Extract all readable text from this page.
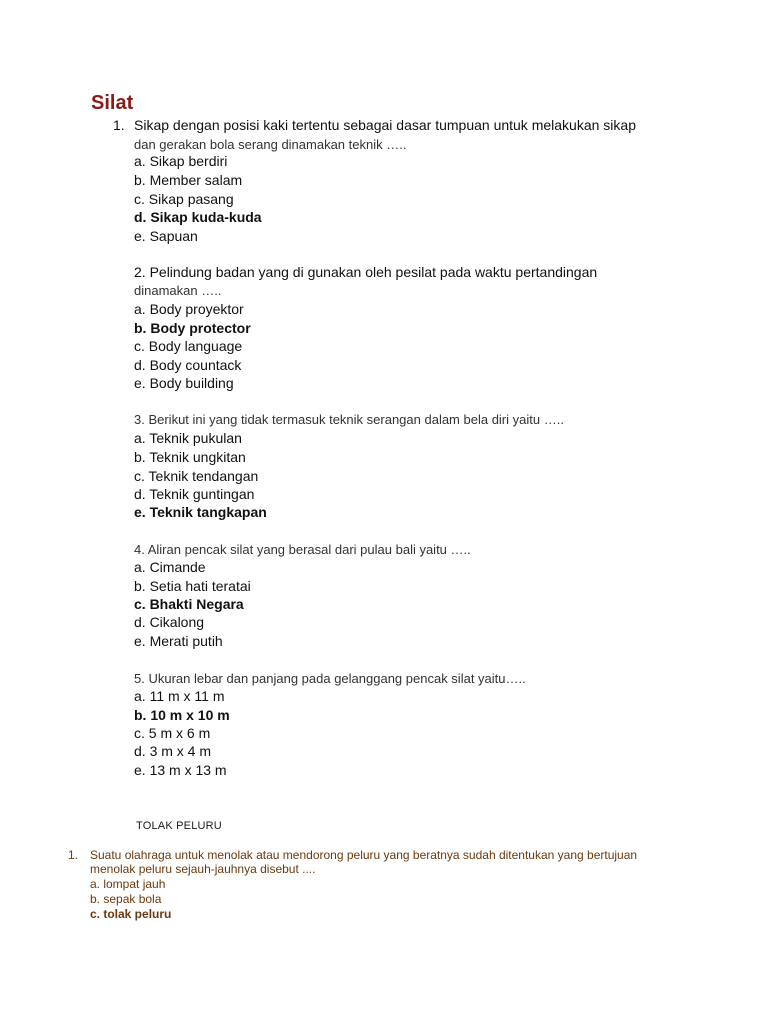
Silat
1. Sikap dengan posisi kaki tertentu sebagai dasar tumpuan untuk melakukan sikap
dan gerakan bola serang dinamakan teknik …..
a. Sikap berdiri
b. Member salam
c. Sikap pasang
d. Sikap kuda-kuda
e. Sapuan
2. Pelindung badan yang di gunakan oleh pesilat pada waktu pertandingan
dinamakan …..
a. Body proyektor
b. Body protector
c. Body language
d. Body countack
e. Body building
3. Berikut ini yang tidak termasuk teknik serangan dalam bela diri yaitu …..
a. Teknik pukulan
b. Teknik ungkitan
c. Teknik tendangan
d. Teknik guntingan
e. Teknik tangkapan
4. Aliran pencak silat yang berasal dari pulau bali yaitu …..
a. Cimande
b. Setia hati teratai
c. Bhakti Negara
d. Cikalong
e. Merati putih
5. Ukuran lebar dan panjang pada gelanggang pencak silat yaitu…..
a. 11 m x 11 m
b. 10 m x 10 m
c. 5 m x 6 m
d. 3 m x 4 m
e. 13 m x 13 m
TOLAK PELURU
1. Suatu olahraga untuk menolak atau mendorong peluru yang beratnya sudah ditentukan yang bertujuan
menolak peluru sejauh-jauhnya disebut ....
a. lompat jauh
b. sepak bola
c. tolak peluru
